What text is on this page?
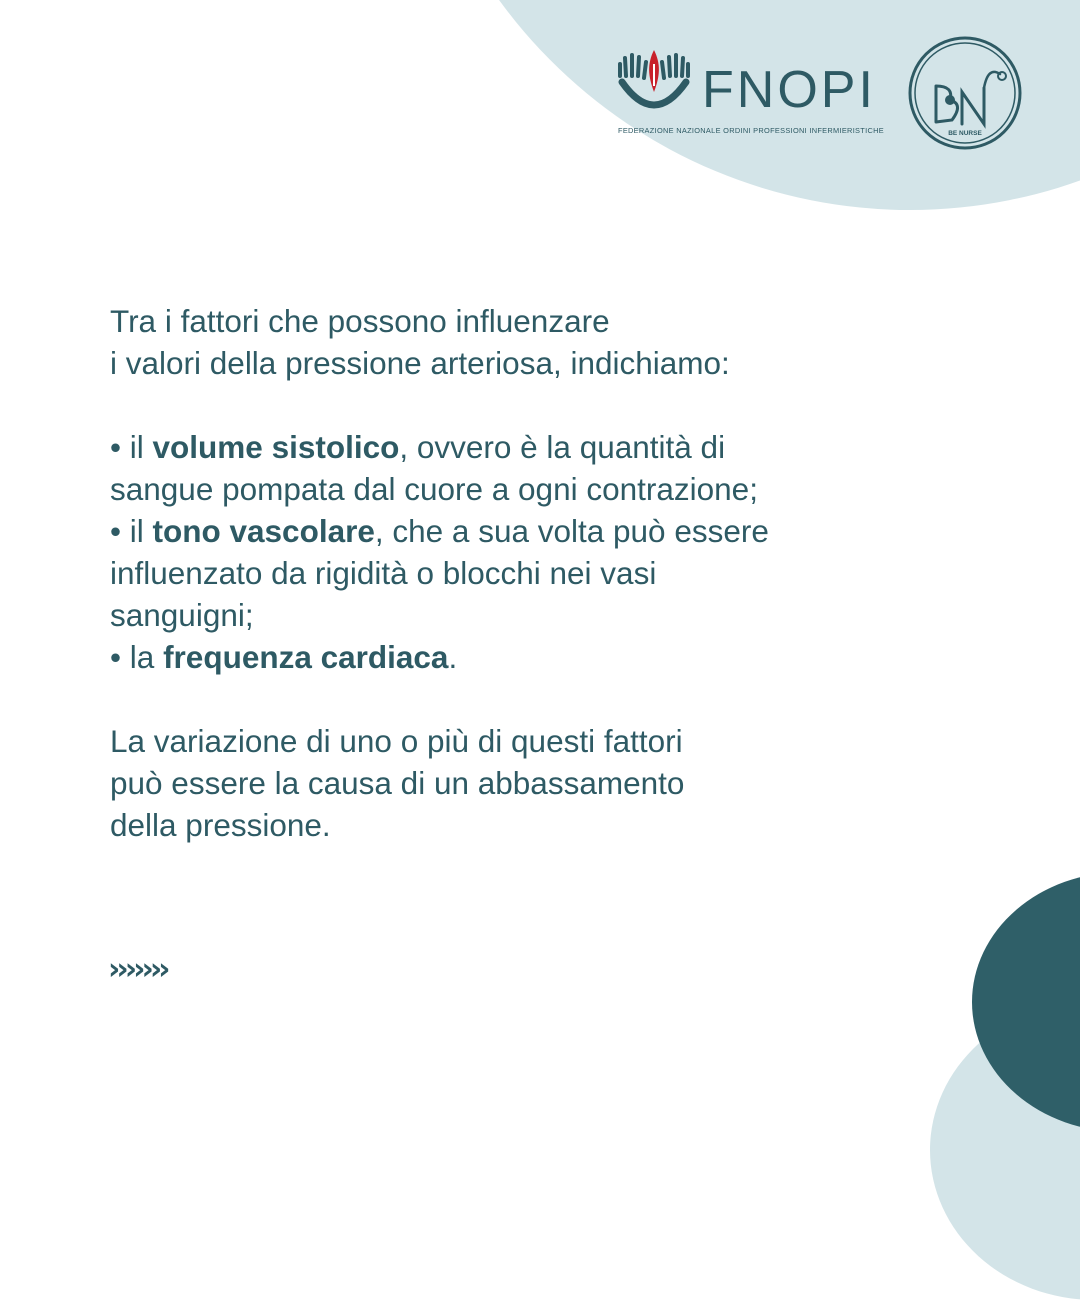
FNOPI
FEDERAZIONE NAZIONALE ORDINI PROFESSIONI INFERMIERISTICHE	BE NURSE

Tra i fattori che possono influenzare
i valori della pressione arteriosa, indichiamo:

• il volume sistolico, ovvero è la quantità di
sangue pompata dal cuore a ogni contrazione;
• il tono vascolare, che a sua volta può essere
influenzato da rigidità o blocchi nei vasi
sanguigni;
• la frequenza cardiaca.

La variazione di uno o più di questi fattori
può essere la causa di un abbassamento
della pressione.

›››››››
